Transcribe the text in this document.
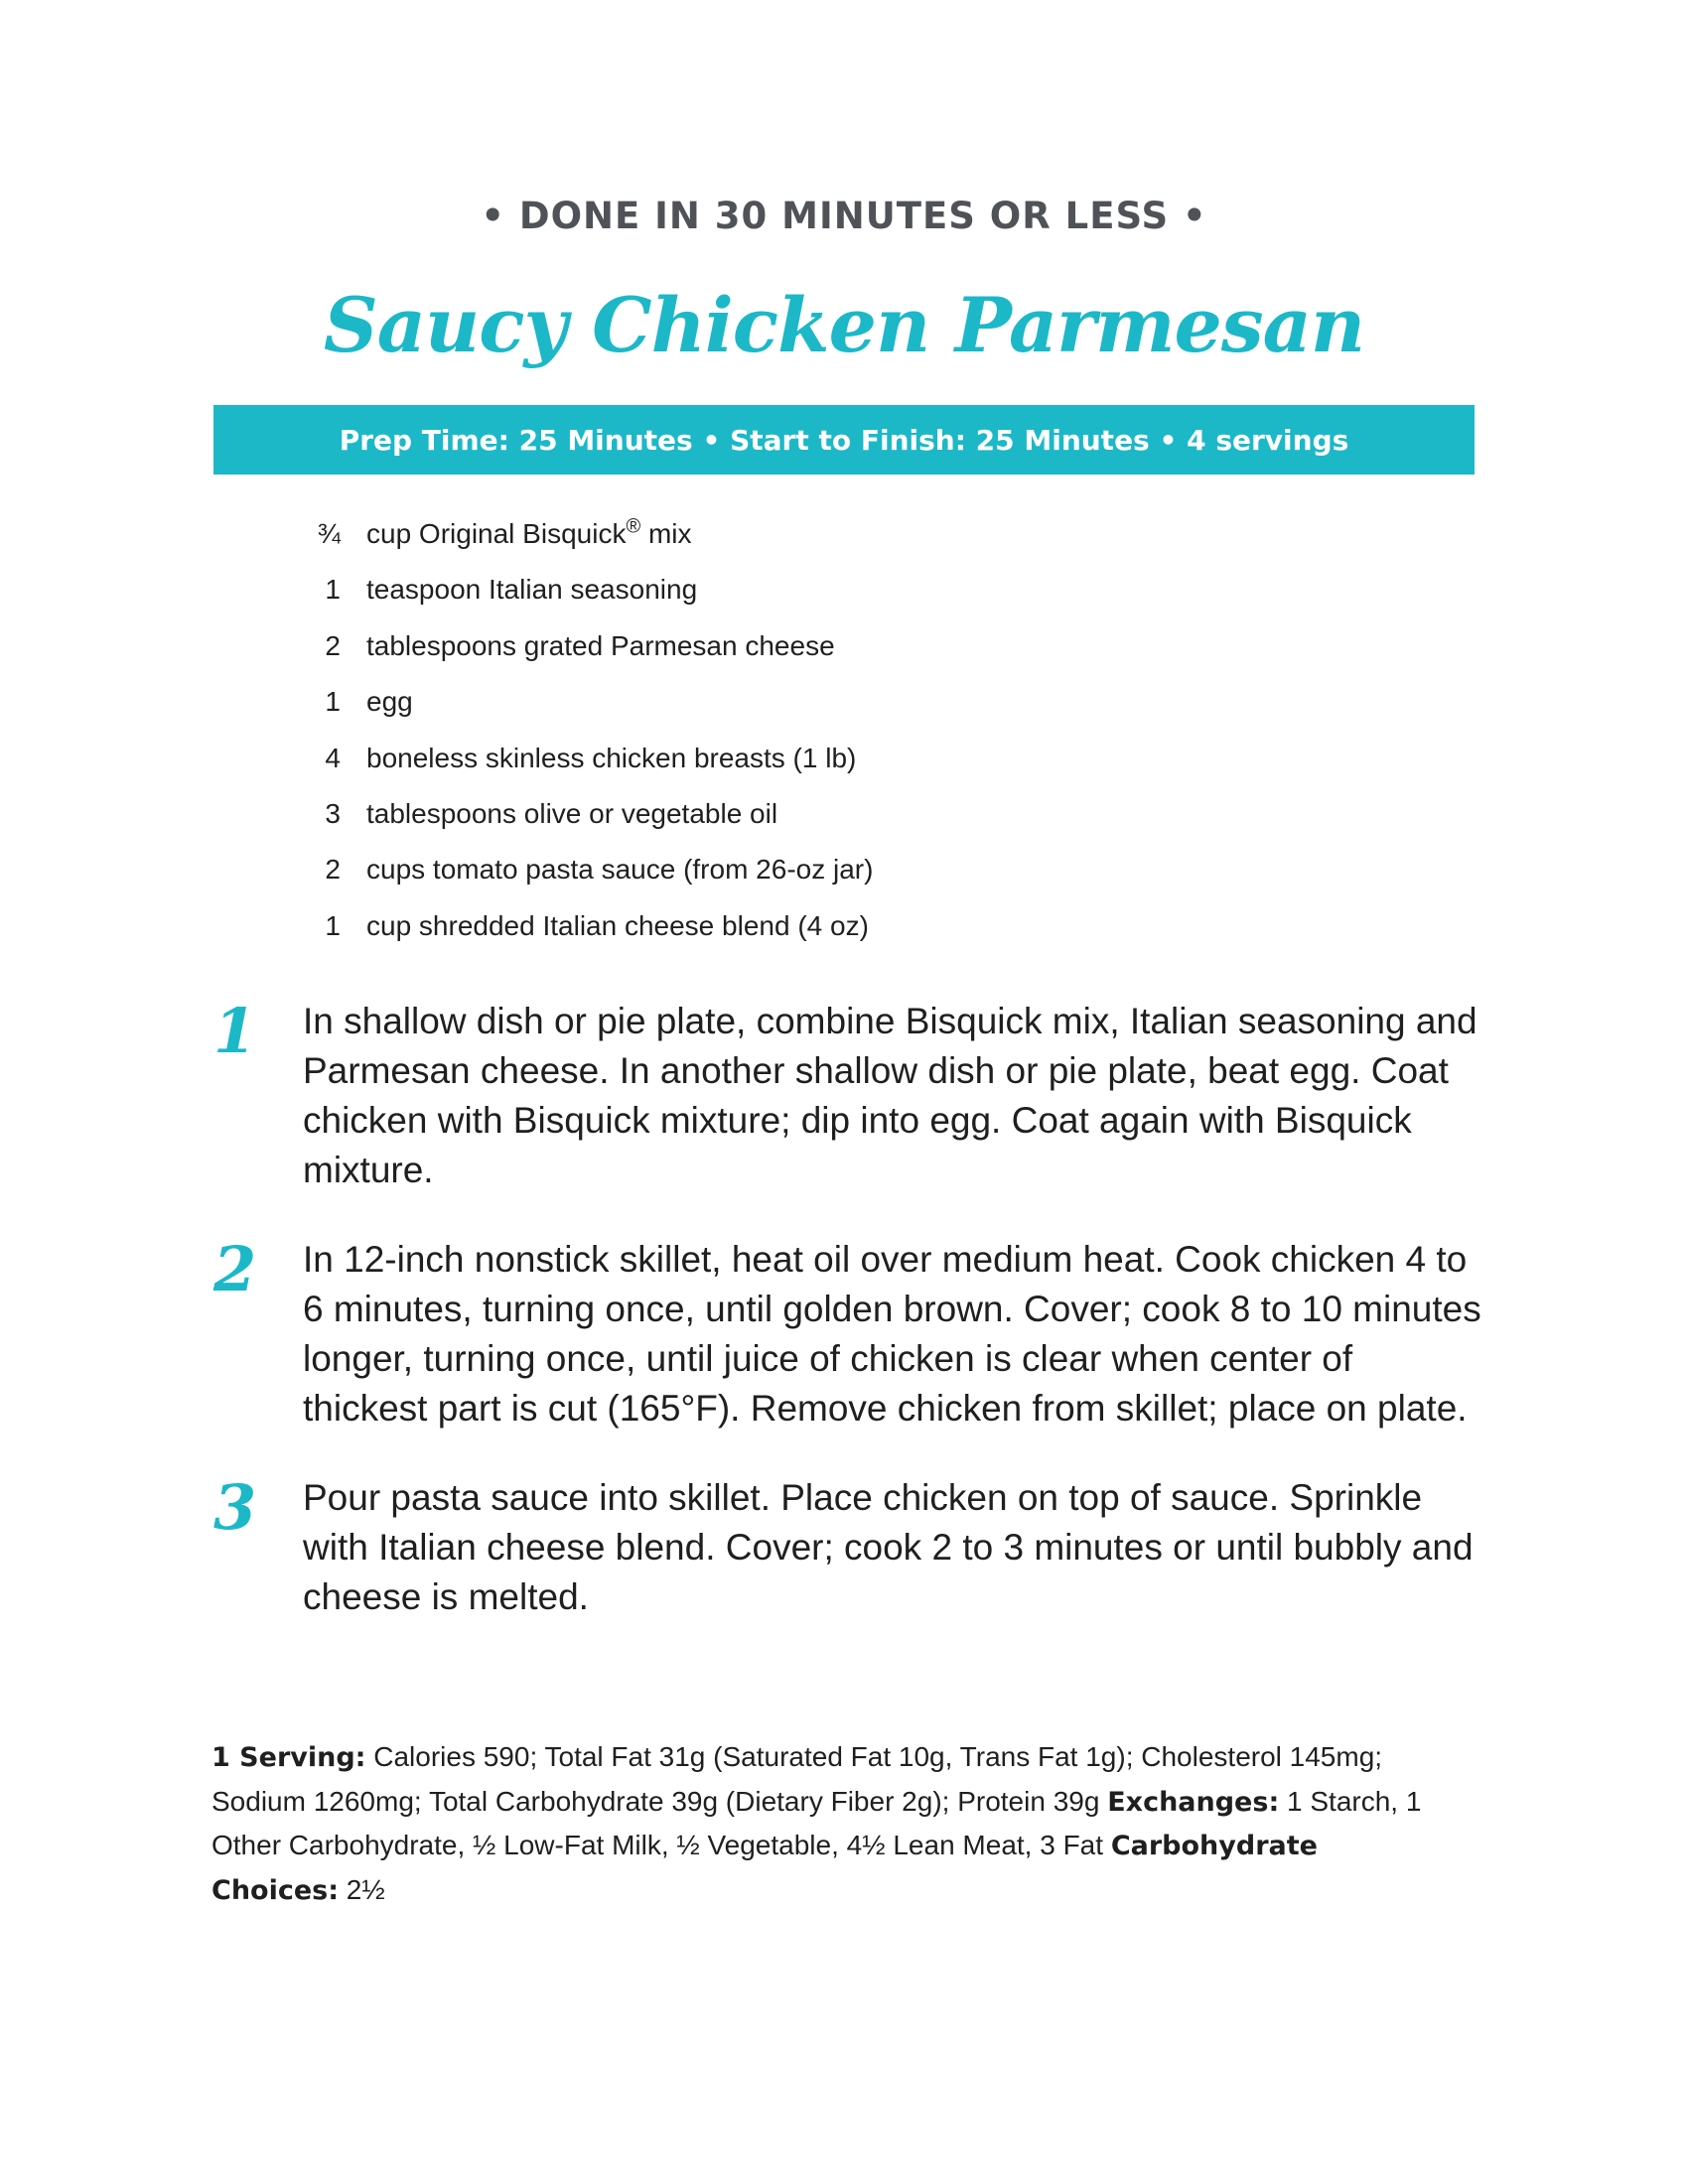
• DONE IN 30 MINUTES OR LESS •
Saucy Chicken Parmesan
Prep Time: 25 Minutes • Start to Finish: 25 Minutes • 4 servings
¾ cup Original Bisquick® mix
1 teaspoon Italian seasoning
2 tablespoons grated Parmesan cheese
1 egg
4 boneless skinless chicken breasts (1 lb)
3 tablespoons olive or vegetable oil
2 cups tomato pasta sauce (from 26-oz jar)
1 cup shredded Italian cheese blend (4 oz)
1	In shallow dish or pie plate, combine Bisquick mix, Italian seasoning and Parmesan cheese. In another shallow dish or pie plate, beat egg. Coat chicken with Bisquick mixture; dip into egg. Coat again with Bisquick mixture.
2	In 12-inch nonstick skillet, heat oil over medium heat. Cook chicken 4 to 6 minutes, turning once, until golden brown. Cover; cook 8 to 10 minutes longer, turning once, until juice of chicken is clear when center of thickest part is cut (165°F). Remove chicken from skillet; place on plate.
3	Pour pasta sauce into skillet. Place chicken on top of sauce. Sprinkle with Italian cheese blend. Cover; cook 2 to 3 minutes or until bubbly and cheese is melted.
1 Serving: Calories 590; Total Fat 31g (Saturated Fat 10g, Trans Fat 1g); Cholesterol 145mg; Sodium 1260mg; Total Carbohydrate 39g (Dietary Fiber 2g); Protein 39g Exchanges: 1 Starch, 1 Other Carbohydrate, ½ Low-Fat Milk, ½ Vegetable, 4½ Lean Meat, 3 Fat Carbohydrate Choices: 2½
